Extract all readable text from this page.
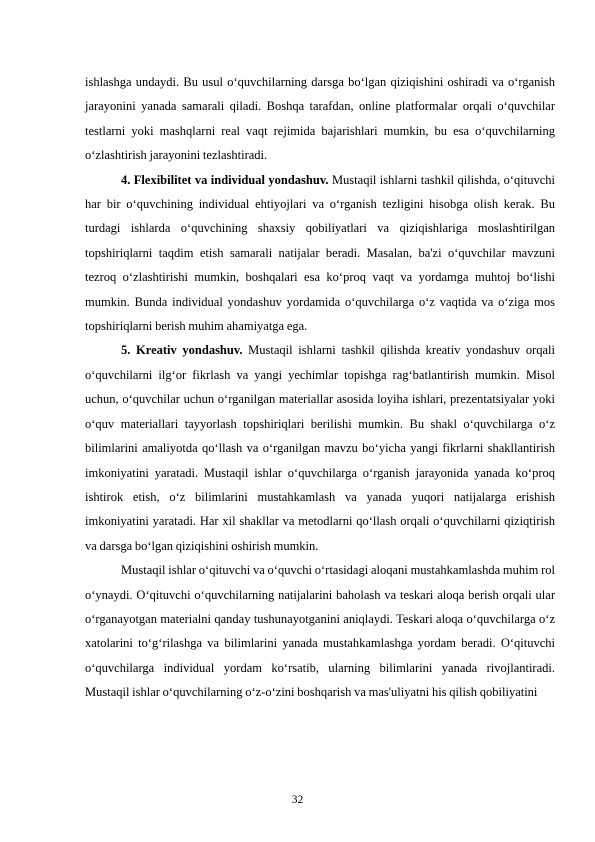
ishlashga undaydi. Bu usul o‘quvchilarning darsga bo‘lgan qiziqishini oshiradi va o‘rganish jarayonini yanada samarali qiladi. Boshqa tarafdan, online platformalar orqali o‘quvchilar testlarni yoki mashqlarni real vaqt rejimida bajarishlari mumkin, bu esa o‘quvchilarning o‘zlashtirish jarayonini tezlashtiradi.

4. Flexibilitet va individual yondashuv. Mustaqil ishlarni tashkil qilishda, o‘qituvchi har bir o‘quvchining individual ehtiyojlari va o‘rganish tezligini hisobga olish kerak. Bu turdagi ishlarda o‘quvchining shaxsiy qobiliyatlari va qiziqishlariga moslashtirilgan topshiriqlarni taqdim etish samarali natijalar beradi. Masalan, ba'zi o‘quvchilar mavzuni tezroq o‘zlashtirishi mumkin, boshqalari esa ko‘proq vaqt va yordamga muhtoj bo‘lishi mumkin. Bunda individual yondashuv yordamida o‘quvchilarga o‘z vaqtida va o‘ziga mos topshiriqlarni berish muhim ahamiyatga ega.

5. Kreativ yondashuv. Mustaqil ishlarni tashkil qilishda kreativ yondashuv orqali o‘quvchilarni ilg‘or fikrlash va yangi yechimlar topishga rag‘batlantirish mumkin. Misol uchun, o‘quvchilar uchun o‘rganilgan materiallar asosida loyiha ishlari, prezentatsiyalar yoki o‘quv materiallari tayyorlash topshiriqlari berilishi mumkin. Bu shakl o‘quvchilarga o‘z bilimlarini amaliyotda qo‘llash va o‘rganilgan mavzu bo‘yicha yangi fikrlarni shakllantirish imkoniyatini yaratadi. Mustaqil ishlar o‘quvchilarga o‘rganish jarayonida yanada ko‘proq ishtirok etish, o‘z bilimlarini mustahkamlash va yanada yuqori natijalarga erishish imkoniyatini yaratadi. Har xil shakllar va metodlarni qo‘llash orqali o‘quvchilarni qiziqtirish va darsga bo‘lgan qiziqishini oshirish mumkin.

Mustaqil ishlar o‘qituvchi va o‘quvchi o‘rtasidagi aloqani mustahkamlashda muhim rol o‘ynaydi. O‘qituvchi o‘quvchilarning natijalarini baholash va teskari aloqa berish orqali ular o‘rganayotgan materialni qanday tushunayotganini aniqlaydi. Teskari aloqa o‘quvchilarga o‘z xatolarini to‘g‘rilashga va bilimlarini yanada mustahkamlashga yordam beradi. O‘qituvchi o‘quvchilarga individual yordam ko‘rsatib, ularning bilimlarini yanada rivojlantiradi. Mustaqil ishlar o‘quvchilarning o‘z-o‘zini boshqarish va mas'uliyatni his qilish qobiliyatini

32
